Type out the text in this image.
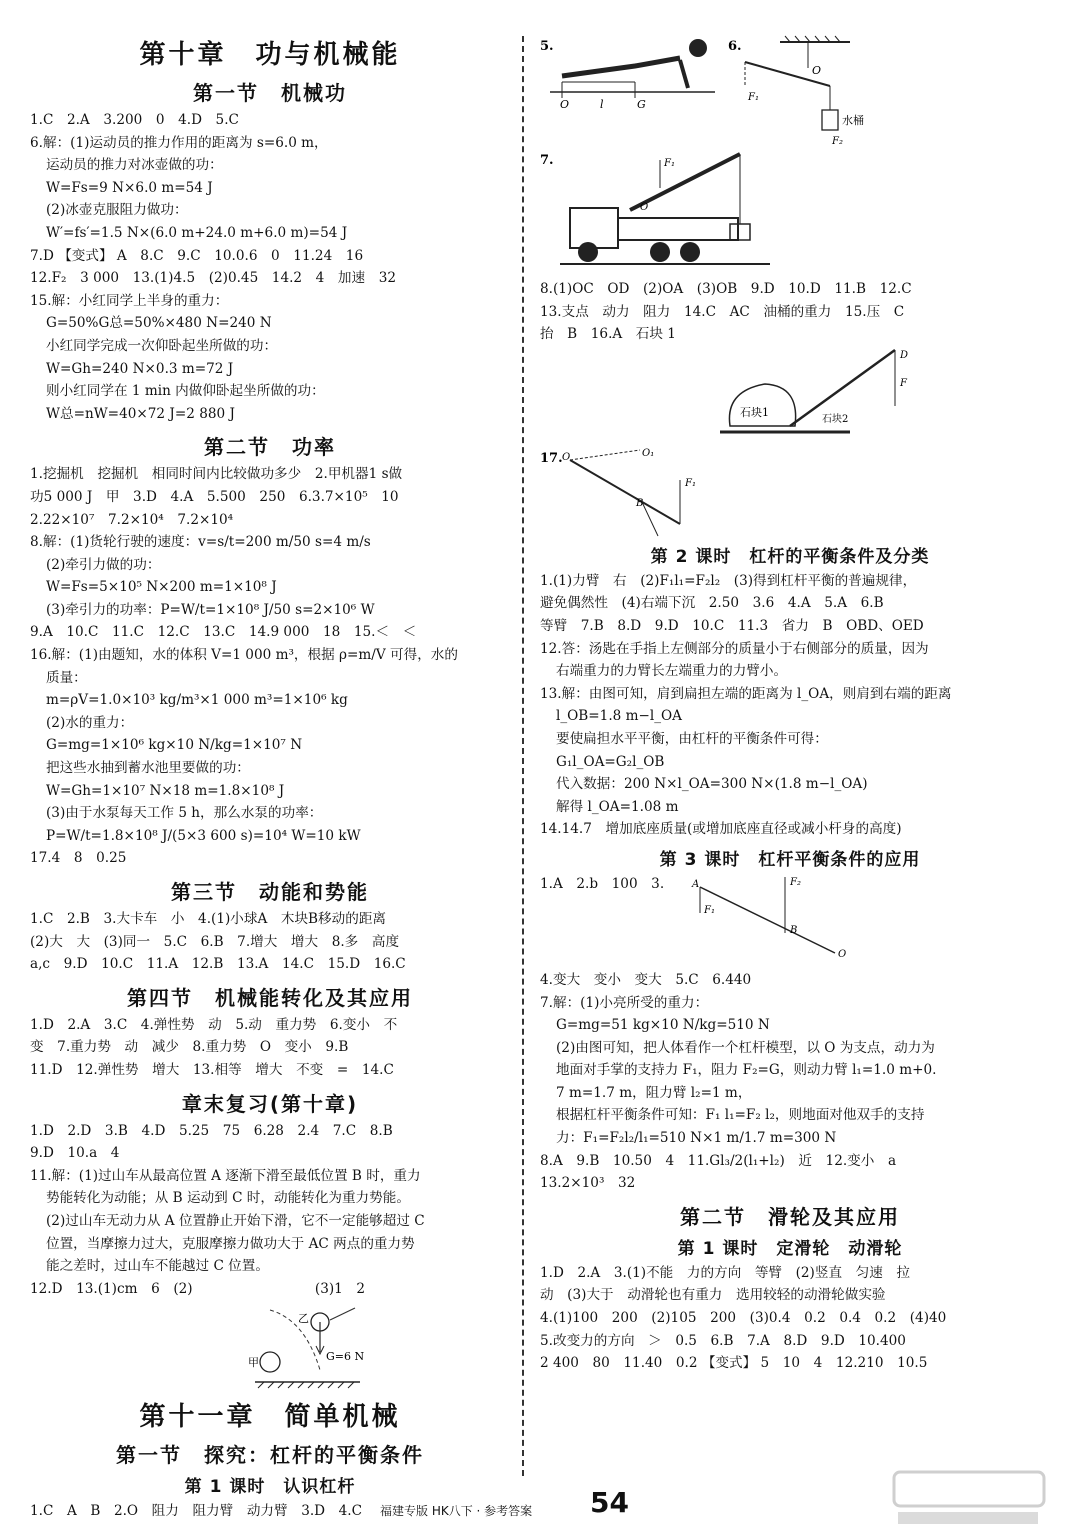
第十章　功与机械能
第一节　机械功
1.C　2.A　3.200　0　4.D　5.C
6.解：(1)运动员的推力作用的距离为 s=6.0 m，
运动员的推力对冰壶做的功：
W=Fs=9 N×6.0 m=54 J
(2)冰壶克服阻力做功：
W′=fs′=1.5 N×(6.0 m+24.0 m+6.0 m)=54 J
7.D 【变式】 A　8.C　9.C　10.0.6　0　11.24　16
12.F₂　3 000　13.(1)4.5　(2)0.45　14.2　4　加速　32
15.解：小红同学上半身的重力：
G=50%G总=50%×480 N=240 N
小红同学完成一次仰卧起坐所做的功：
W=Gh=240 N×0.3 m=72 J
则小红同学在 1 min 内做仰卧起坐所做的功：
W总=nW=40×72 J=2 880 J
第二节　功率
1.挖掘机　挖掘机　相同时间内比较做功多少　2.甲机器1 s做
功5 000 J　甲　3.D　4.A　5.500　250　6.3.7×10⁵　10
2.22×10⁷　7.2×10⁴　7.2×10⁴
8.解：(1)货轮行驶的速度：v=s/t=200 m/50 s=4 m/s
(2)牵引力做的功：
W=Fs=5×10⁵ N×200 m=1×10⁸ J
(3)牵引力的功率：P=W/t=1×10⁸ J/50 s=2×10⁶ W
9.A　10.C　11.C　12.C　13.C　14.9 000　18　15.＜　＜
16.解：(1)由题知，水的体积 V=1 000 m³，根据 ρ=m/V 可得，水的
质量：
m=ρV=1.0×10³ kg/m³×1 000 m³=1×10⁶ kg
(2)水的重力：
G=mg=1×10⁶ kg×10 N/kg=1×10⁷ N
把这些水抽到蓄水池里要做的功：
W=Gh=1×10⁷ N×18 m=1.8×10⁸ J
(3)由于水泵每天工作 5 h，那么水泵的功率：
P=W/t=1.8×10⁸ J/(5×3 600 s)=10⁴ W=10 kW
17.4　8　0.25
第三节　动能和势能
1.C　2.B　3.大卡车　小　4.(1)小球A　木块B移动的距离
(2)大　大　(3)同一　5.C　6.B　7.增大　增大　8.多　高度
a,c　9.D　10.C　11.A　12.B　13.A　14.C　15.D　16.C
第四节　机械能转化及其应用
1.D　2.A　3.C　4.弹性势　动　5.动　重力势　6.变小　不
变　7.重力势　动　减少　8.重力势　O　变小　9.B
11.D　12.弹性势　增大　13.相等　增大　不变　=　14.C
章末复习(第十章)
1.D　2.D　3.B　4.D　5.25　75　6.28　2.4　7.C　8.B
9.D　10.a　4
11.解：(1)过山车从最高位置 A 逐渐下滑至最低位置 B 时，重力
势能转化为动能；从 B 运动到 C 时，动能转化为重力势能。
(2)过山车无动力从 A 位置静止开始下滑，它不一定能够超过 C
位置，当摩擦力过大，克服摩擦力做功大于 AC 两点的重力势
能之差时，过山车不能越过 C 位置。
12.D　13.(1)cm　6　(2)　　　　　　　　　(3)1　2
甲
乙
G=6 N
第十一章　简单机械
第一节　探究：杠杆的平衡条件
第 1 课时　认识杠杆
1.C　A　B　2.O　阻力　阻力臂　动力臂　3.D　4.C
5.
O	l	G
6.
F₁
O
水桶
F₂
7.	F₁
O
8.(1)OC　OD　(2)OA　(3)OB　9.D　10.D　11.B　12.C
13.支点　动力　阻力　14.C　AC　油桶的重力　15.压　C
抬　B　16.A　石块 1
石块1
D
F
石块2
17. O	O₁
F₁
B
第 2 课时　杠杆的平衡条件及分类
1.(1)力臂　右　(2)F₁l₁=F₂l₂　(3)得到杠杆平衡的普遍规律，
避免偶然性　(4)右端下沉　2.50　3.6　4.A　5.A　6.B
等臂　7.B　8.D　9.D　10.C　11.3　省力　B　OBD、OED
12.答：汤匙在手指上左侧部分的质量小于右侧部分的质量，因为
右端重力的力臂长左端重力的力臂小。
13.解：由图可知，肩到扁担左端的距离为 l_OA，则肩到右端的距离
l_OB=1.8 m−l_OA
要使扁担水平平衡，由杠杆的平衡条件可得：
G₁l_OA=G₂l_OB
代入数据：200 N×l_OA=300 N×(1.8 m−l_OA)
解得 l_OA=1.08 m
14.14.7　增加底座质量(或增加底座直径或减小杆身的高度)
第 3 课时　杠杆平衡条件的应用
1.A　2.b　100　3.	F₂
A
B
O
F₁
4.变大　变小　变大　5.C　6.440
7.解：(1)小亮所受的重力：
G=mg=51 kg×10 N/kg=510 N
(2)由图可知，把人体看作一个杠杆模型，以 O 为支点，动力为
地面对手掌的支持力 F₁，阻力 F₂=G，则动力臂 l₁=1.0 m+0.
7 m=1.7 m，阻力臂 l₂=1 m，
根据杠杆平衡条件可知：F₁ l₁=F₂ l₂，则地面对他双手的支持
力：F₁=F₂l₂/l₁=510 N×1 m/1.7 m=300 N
8.A　9.B　10.50　4　11.Gl₃/2(l₁+l₂)　近　12.变小　a
13.2×10³　32
第二节　滑轮及其应用
第 1 课时　定滑轮　动滑轮
1.D　2.A　3.(1)不能　力的方向　等臂　(2)竖直　匀速　拉
动　(3)大于　动滑轮也有重力　选用较轻的动滑轮做实验
4.(1)100　200　(2)105　200　(3)0.4　0.2　0.4　0.2　(4)40
5.改变力的方向　＞　0.5　6.B　7.A　8.D　9.D　10.400
2 400　80　11.40　0.2 【变式】 5　10　4　12.210　10.5
福建专版 HK八下 · 参考答案 54
